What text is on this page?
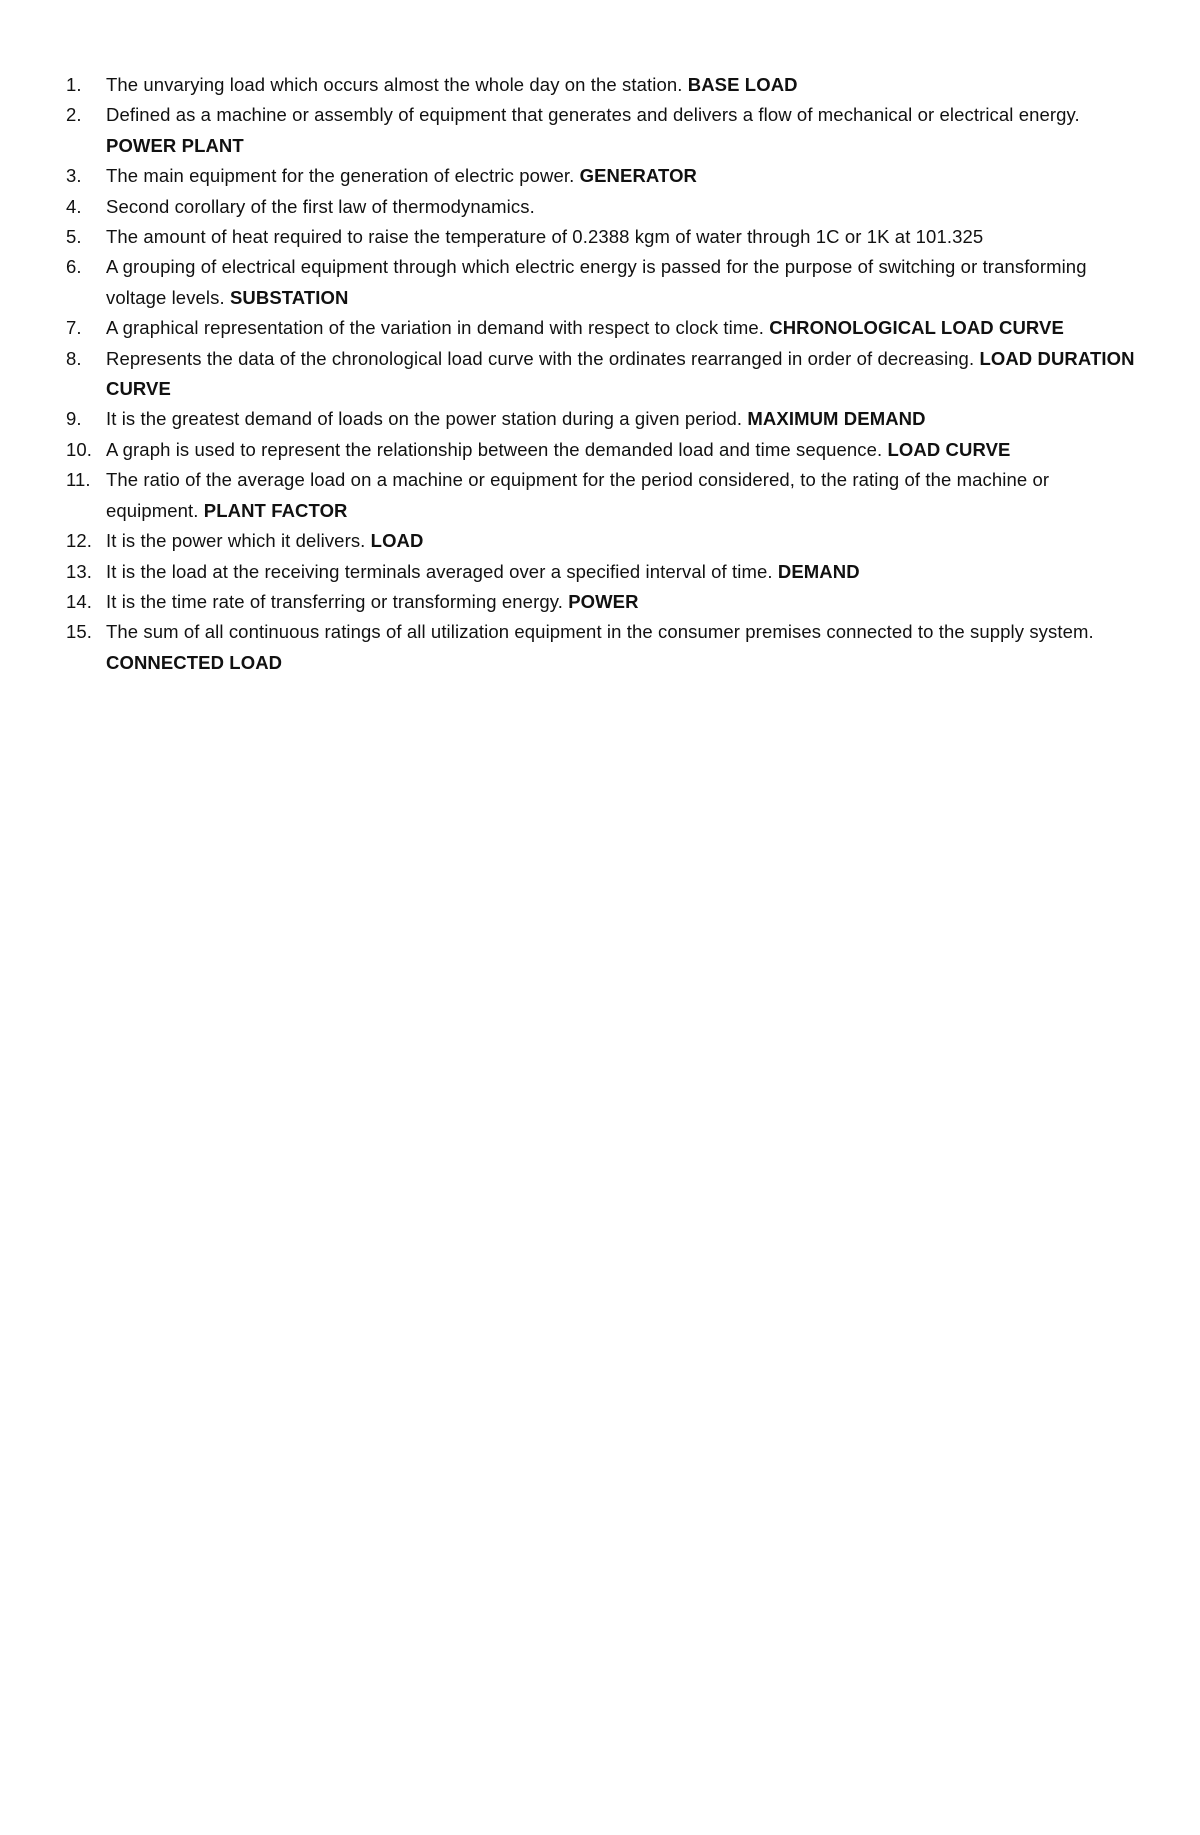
1.	The unvarying load which occurs almost the whole day on the station. BASE LOAD
2.	Defined as a machine or assembly of equipment that generates and delivers a flow of mechanical or electrical energy. POWER PLANT
3.	The main equipment for the generation of electric power. GENERATOR
4.	Second corollary of the first law of thermodynamics.
5.	The amount of heat required to raise the temperature of 0.2388 kgm of water through 1C or 1K at 101.325
6.	A grouping of electrical equipment through which electric energy is passed for the purpose of switching or transforming voltage levels. SUBSTATION
7.	A graphical representation of the variation in demand with respect to clock time. CHRONOLOGICAL LOAD CURVE
8.	Represents the data of the chronological load curve with the ordinates rearranged in order of decreasing. LOAD DURATION CURVE
9.	It is the greatest demand of loads on the power station during a given period. MAXIMUM DEMAND
10. A graph is used to represent the relationship between the demanded load and time sequence. LOAD CURVE
11. The ratio of the average load on a machine or equipment for the period considered, to the rating of the machine or equipment. PLANT FACTOR
12. It is the power which it delivers. LOAD
13. It is the load at the receiving terminals averaged over a specified interval of time. DEMAND
14. It is the time rate of transferring or transforming energy. POWER
15. The sum of all continuous ratings of all utilization equipment in the consumer premises connected to the supply system. CONNECTED LOAD
